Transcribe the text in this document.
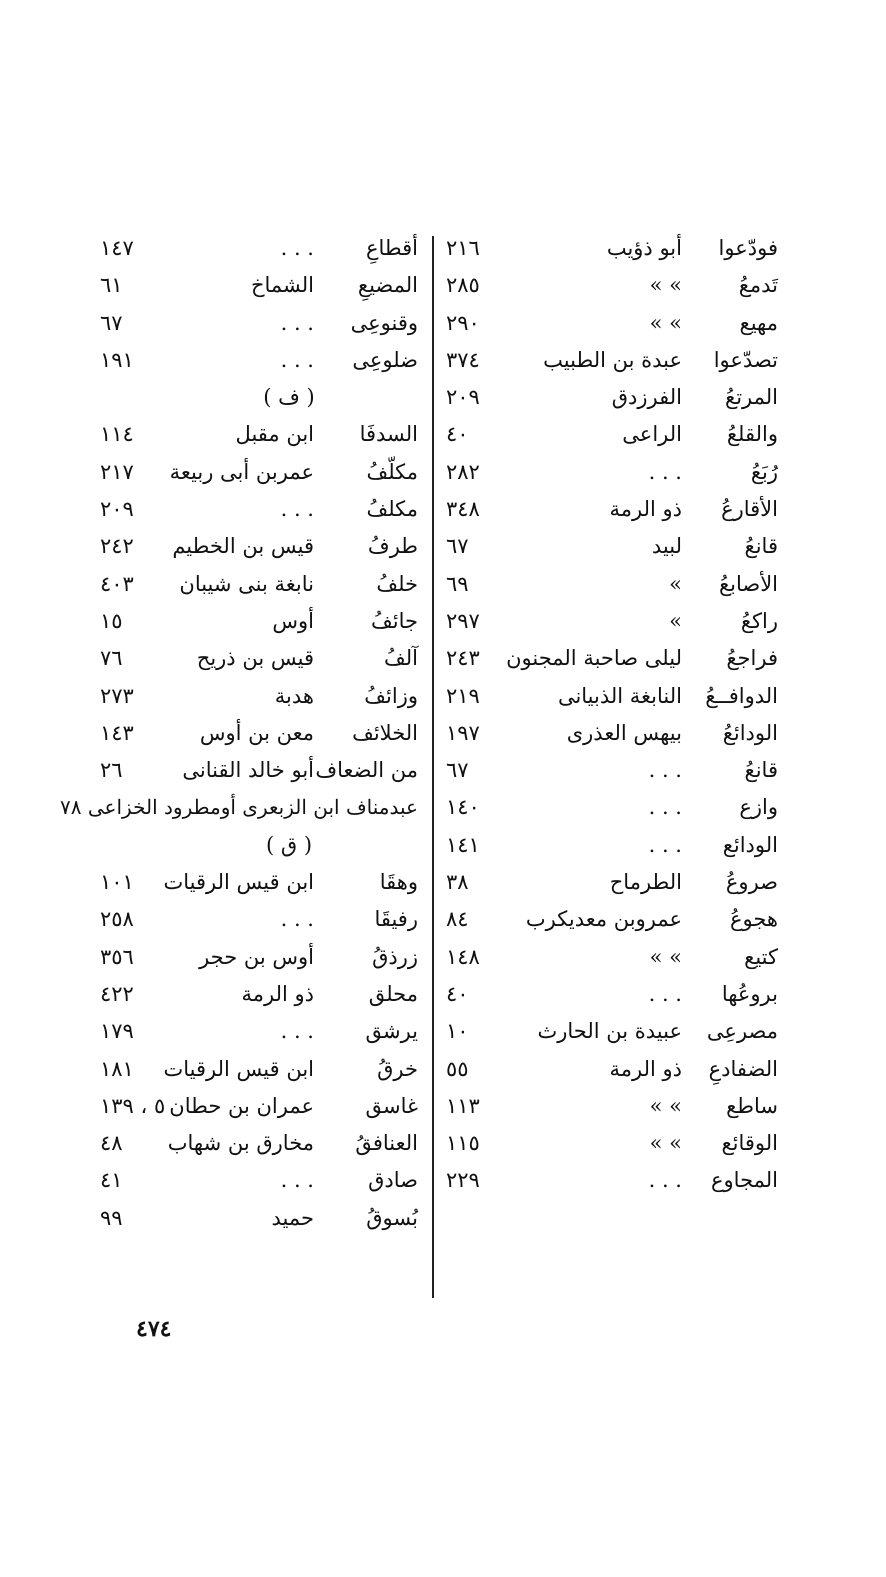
فودّعوا
أبو ذؤيب
٢١٦
تَدمعُ
» »
٢٨٥
مهيع
» »
٢٩٠
تصدّعوا
عبدة بن الطبيب
٣٧٤
المرتعُ
الفرزدق
٢٠٩
والقلعُ
الراعى
٤٠
رُبَعُ
. . .
٢٨٢
الأقارعُ
ذو الرمة
٣٤٨
قانعُ
لبيد
٦٧
الأصابعُ
»
٦٩
راكعُ
»
٢٩٧
فراجعُ
ليلى صاحبة المجنون
٢٤٣
الدوافــعُ
النابغة الذبيانى
٢١٩
الودائعُ
بيهس العذرى
١٩٧
قانعُ
. . .
٦٧
وازع
. . .
١٤٠
الودائع
. . .
١٤١
صروعُ
الطرماح
٣٨
هجوعُ
عمروبن معديكرب
٨٤
كتيع
» »
١٤٨
بروعُها
. . .
٤٠
مصرعِى
عبيدة بن الحارث
١٠
الضفادعِ
ذو الرمة
٥٥
ساطع
» »
١١٣
الوقائع
» »
١١٥
المجاوع
. . .
٢٢٩
أقطاعِ
. . .
١٤٧
المضيعِ
الشماخ
٦١
وقنوعِى
. . .
٦٧
ضلوعِى
. . .
١٩١
( ف )
السدفَا
ابن مقبل
١١٤
مكلّفُ
عمربن أبى ربيعة
٢١٧
مكلفُ
. . .
٢٠٩
طرفُ
قيس بن الخطيم
٢٤٢
خلفُ
نابغة بنى شيبان
٤٠٣
جائفُ
أوس
١٥
آلفُ
قيس بن ذريح
٧٦
وزائفُ
هدبة
٢٧٣
الخلائف
معن بن أوس
١٤٣
من الضعاف
أبو خالد القنانى
٢٦
عبدمناف ابن الزبعرى أومطرود الخزاعى ٧٨
( ق )
وهقَا
ابن قيس الرقيات
١٠١
رفيقَا
. . .
٢٥٨
زرذقُ
أوس بن حجر
٣٥٦
محلق
ذو الرمة
٤٢٢
يرشق
. . .
١٧٩
خرقُ
ابن قيس الرقيات
١٨١
غاسق
عمران بن حطان
٥ ، ١٣٩
العنافقُ
مخارق بن شهاب
٤٨
صادق
. . .
٤١
بُسوقُ
حميد
٩٩
٤٧٤
